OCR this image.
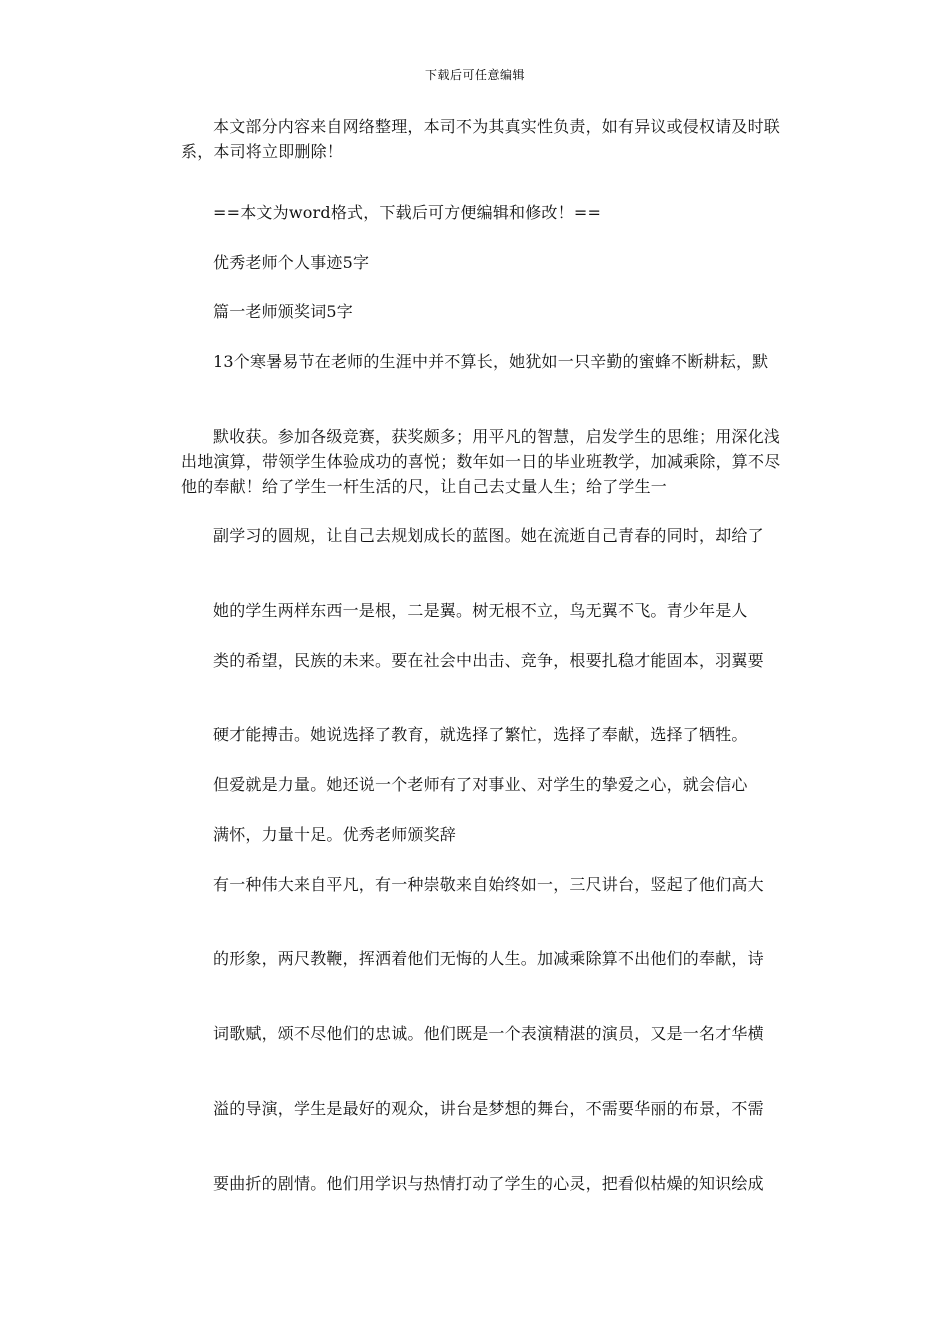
下载后可任意编辑

本文部分内容来自网络整理，本司不为其真实性负责，如有异议或侵权请及时联系，本司将立即删除！

==本文为word格式，下载后可方便编辑和修改！==

优秀老师个人事迹5字

篇一老师颁奖词5字

13个寒暑易节在老师的生涯中并不算长，她犹如一只辛勤的蜜蜂不断耕耘，默

默收获。参加各级竞赛，获奖颇多；用平凡的智慧，启发学生的思维；用深化浅出地演算，带领学生体验成功的喜悦；数年如一日的毕业班教学，加减乘除，算不尽他的奉献！给了学生一杆生活的尺，让自己去丈量人生；给了学生一

副学习的圆规，让自己去规划成长的蓝图。她在流逝自己青春的同时，却给了

她的学生两样东西一是根，二是翼。树无根不立，鸟无翼不飞。青少年是人

类的希望，民族的未来。要在社会中出击、竞争，根要扎稳才能固本，羽翼要

硬才能搏击。她说选择了教育，就选择了繁忙，选择了奉献，选择了牺牲。

但爱就是力量。她还说一个老师有了对事业、对学生的挚爱之心，就会信心

满怀，力量十足。优秀老师颁奖辞

有一种伟大来自平凡，有一种崇敬来自始终如一，三尺讲台，竖起了他们高大

的形象，两尺教鞭，挥洒着他们无悔的人生。加减乘除算不出他们的奉献，诗

词歌赋，颂不尽他们的忠诚。他们既是一个表演精湛的演员，又是一名才华横

溢的导演，学生是最好的观众，讲台是梦想的舞台，不需要华丽的布景，不需

要曲折的剧情。他们用学识与热情打动了学生的心灵，把看似枯燥的知识绘成
